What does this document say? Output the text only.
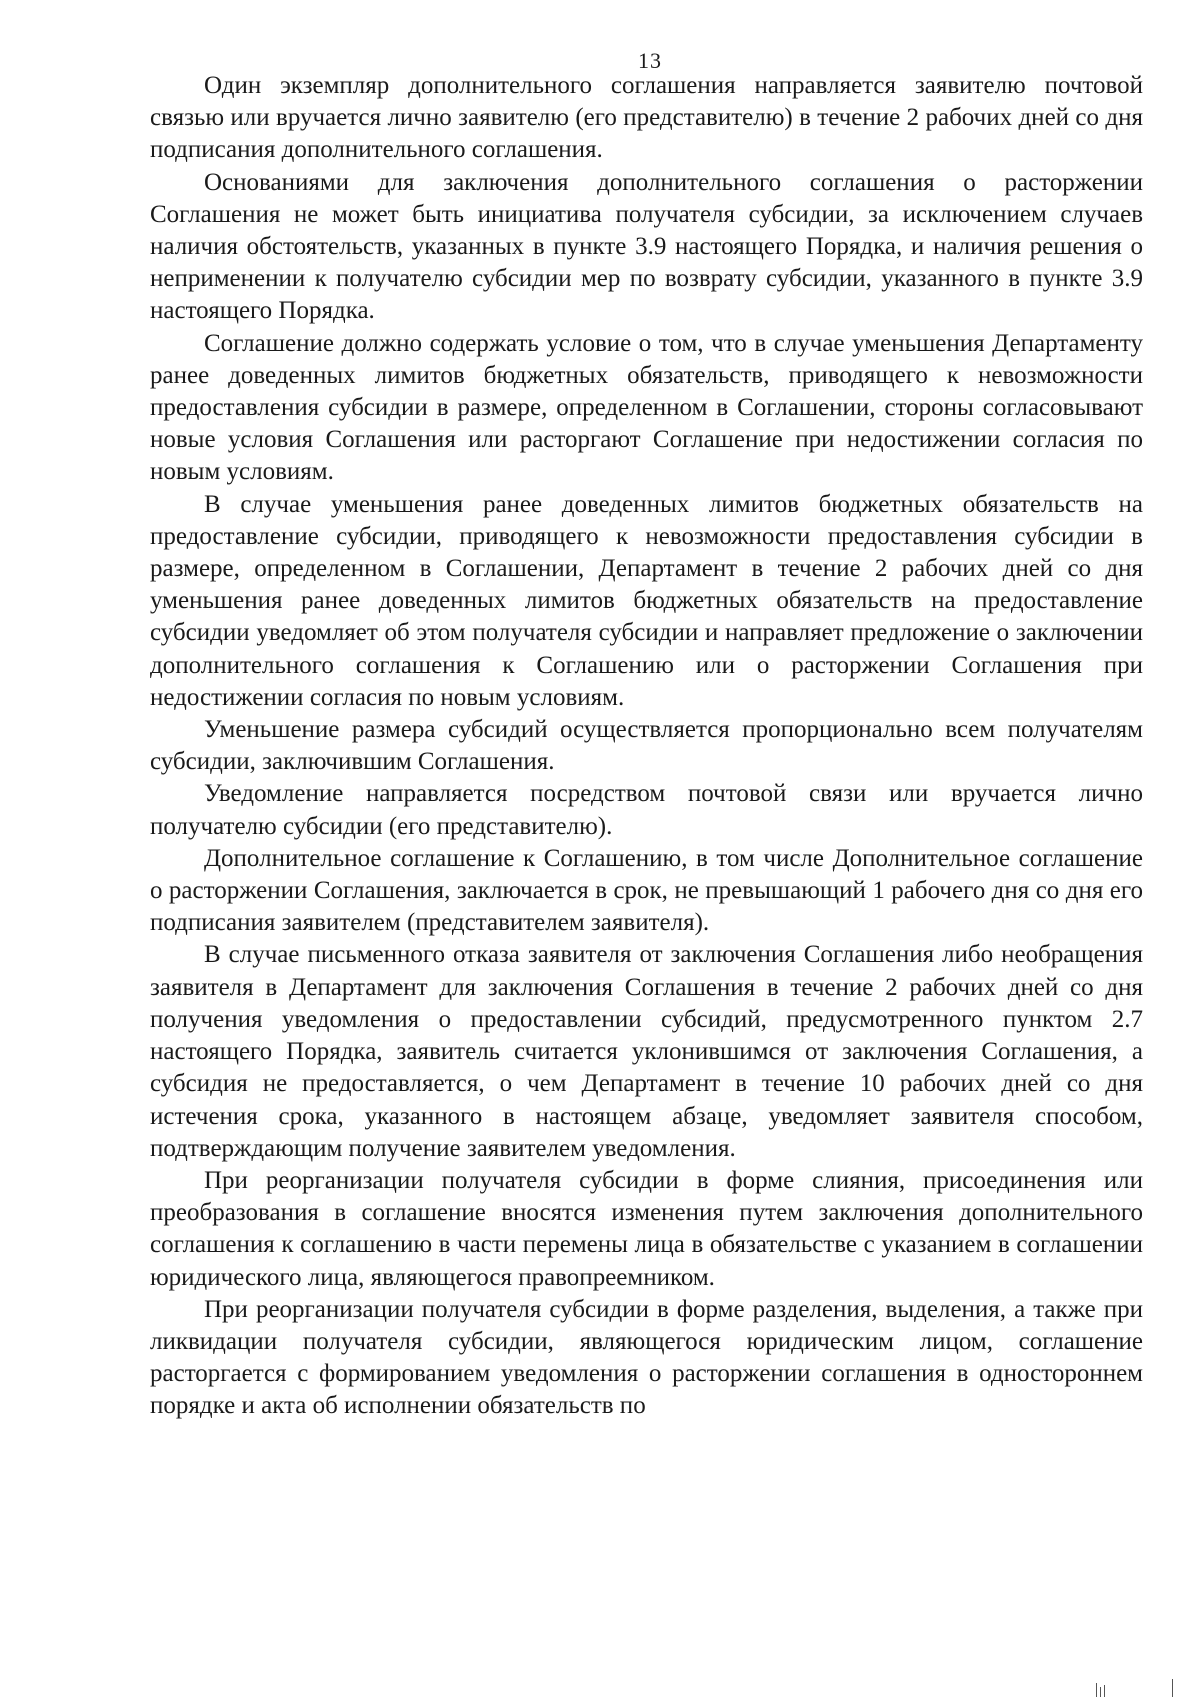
13

Один экземпляр дополнительного соглашения направляется заявителю почтовой связью или вручается лично заявителю (его представителю) в течение 2 рабочих дней со дня подписания дополнительного соглашения.

Основаниями для заключения дополнительного соглашения о расторжении Соглашения не может быть инициатива получателя субсидии, за исключением случаев наличия обстоятельств, указанных в пункте 3.9 настоящего Порядка, и наличия решения о неприменении к получателю субсидии мер по возврату субсидии, указанного в пункте 3.9 настоящего Порядка.

Соглашение должно содержать условие о том, что в случае уменьшения Департаменту ранее доведенных лимитов бюджетных обязательств, приводящего к невозможности предоставления субсидии в размере, определенном в Соглашении, стороны согласовывают новые условия Соглашения или расторгают Соглашение при недостижении согласия по новым условиям.

В случае уменьшения ранее доведенных лимитов бюджетных обязательств на предоставление субсидии, приводящего к невозможности предоставления субсидии в размере, определенном в Соглашении, Департамент в течение 2 рабочих дней со дня уменьшения ранее доведенных лимитов бюджетных обязательств на предоставление субсидии уведомляет об этом получателя субсидии и направляет предложение о заключении дополнительного соглашения к Соглашению или о расторжении Соглашения при недостижении согласия по новым условиям.

Уменьшение размера субсидий осуществляется пропорционально всем получателям субсидии, заключившим Соглашения.

Уведомление направляется посредством почтовой связи или вручается лично получателю субсидии (его представителю).

Дополнительное соглашение к Соглашению, в том числе Дополнительное соглашение о расторжении Соглашения, заключается в срок, не превышающий 1 рабочего дня со дня его подписания заявителем (представителем заявителя).

В случае письменного отказа заявителя от заключения Соглашения либо необращения заявителя в Департамент для заключения Соглашения в течение 2 рабочих дней со дня получения уведомления о предоставлении субсидий, предусмотренного пунктом 2.7 настоящего Порядка, заявитель считается уклонившимся от заключения Соглашения, а субсидия не предоставляется, о чем Департамент в течение 10 рабочих дней со дня истечения срока, указанного в настоящем абзаце, уведомляет заявителя способом, подтверждающим получение заявителем уведомления.

При реорганизации получателя субсидии в форме слияния, присоединения или преобразования в соглашение вносятся изменения путем заключения дополнительного соглашения к соглашению в части перемены лица в обязательстве с указанием в соглашении юридического лица, являющегося правопреемником.

При реорганизации получателя субсидии в форме разделения, выделения, а также при ликвидации получателя субсидии, являющегося юридическим лицом, соглашение расторгается с формированием уведомления о расторжении соглашения в одностороннем порядке и акта об исполнении обязательств по
